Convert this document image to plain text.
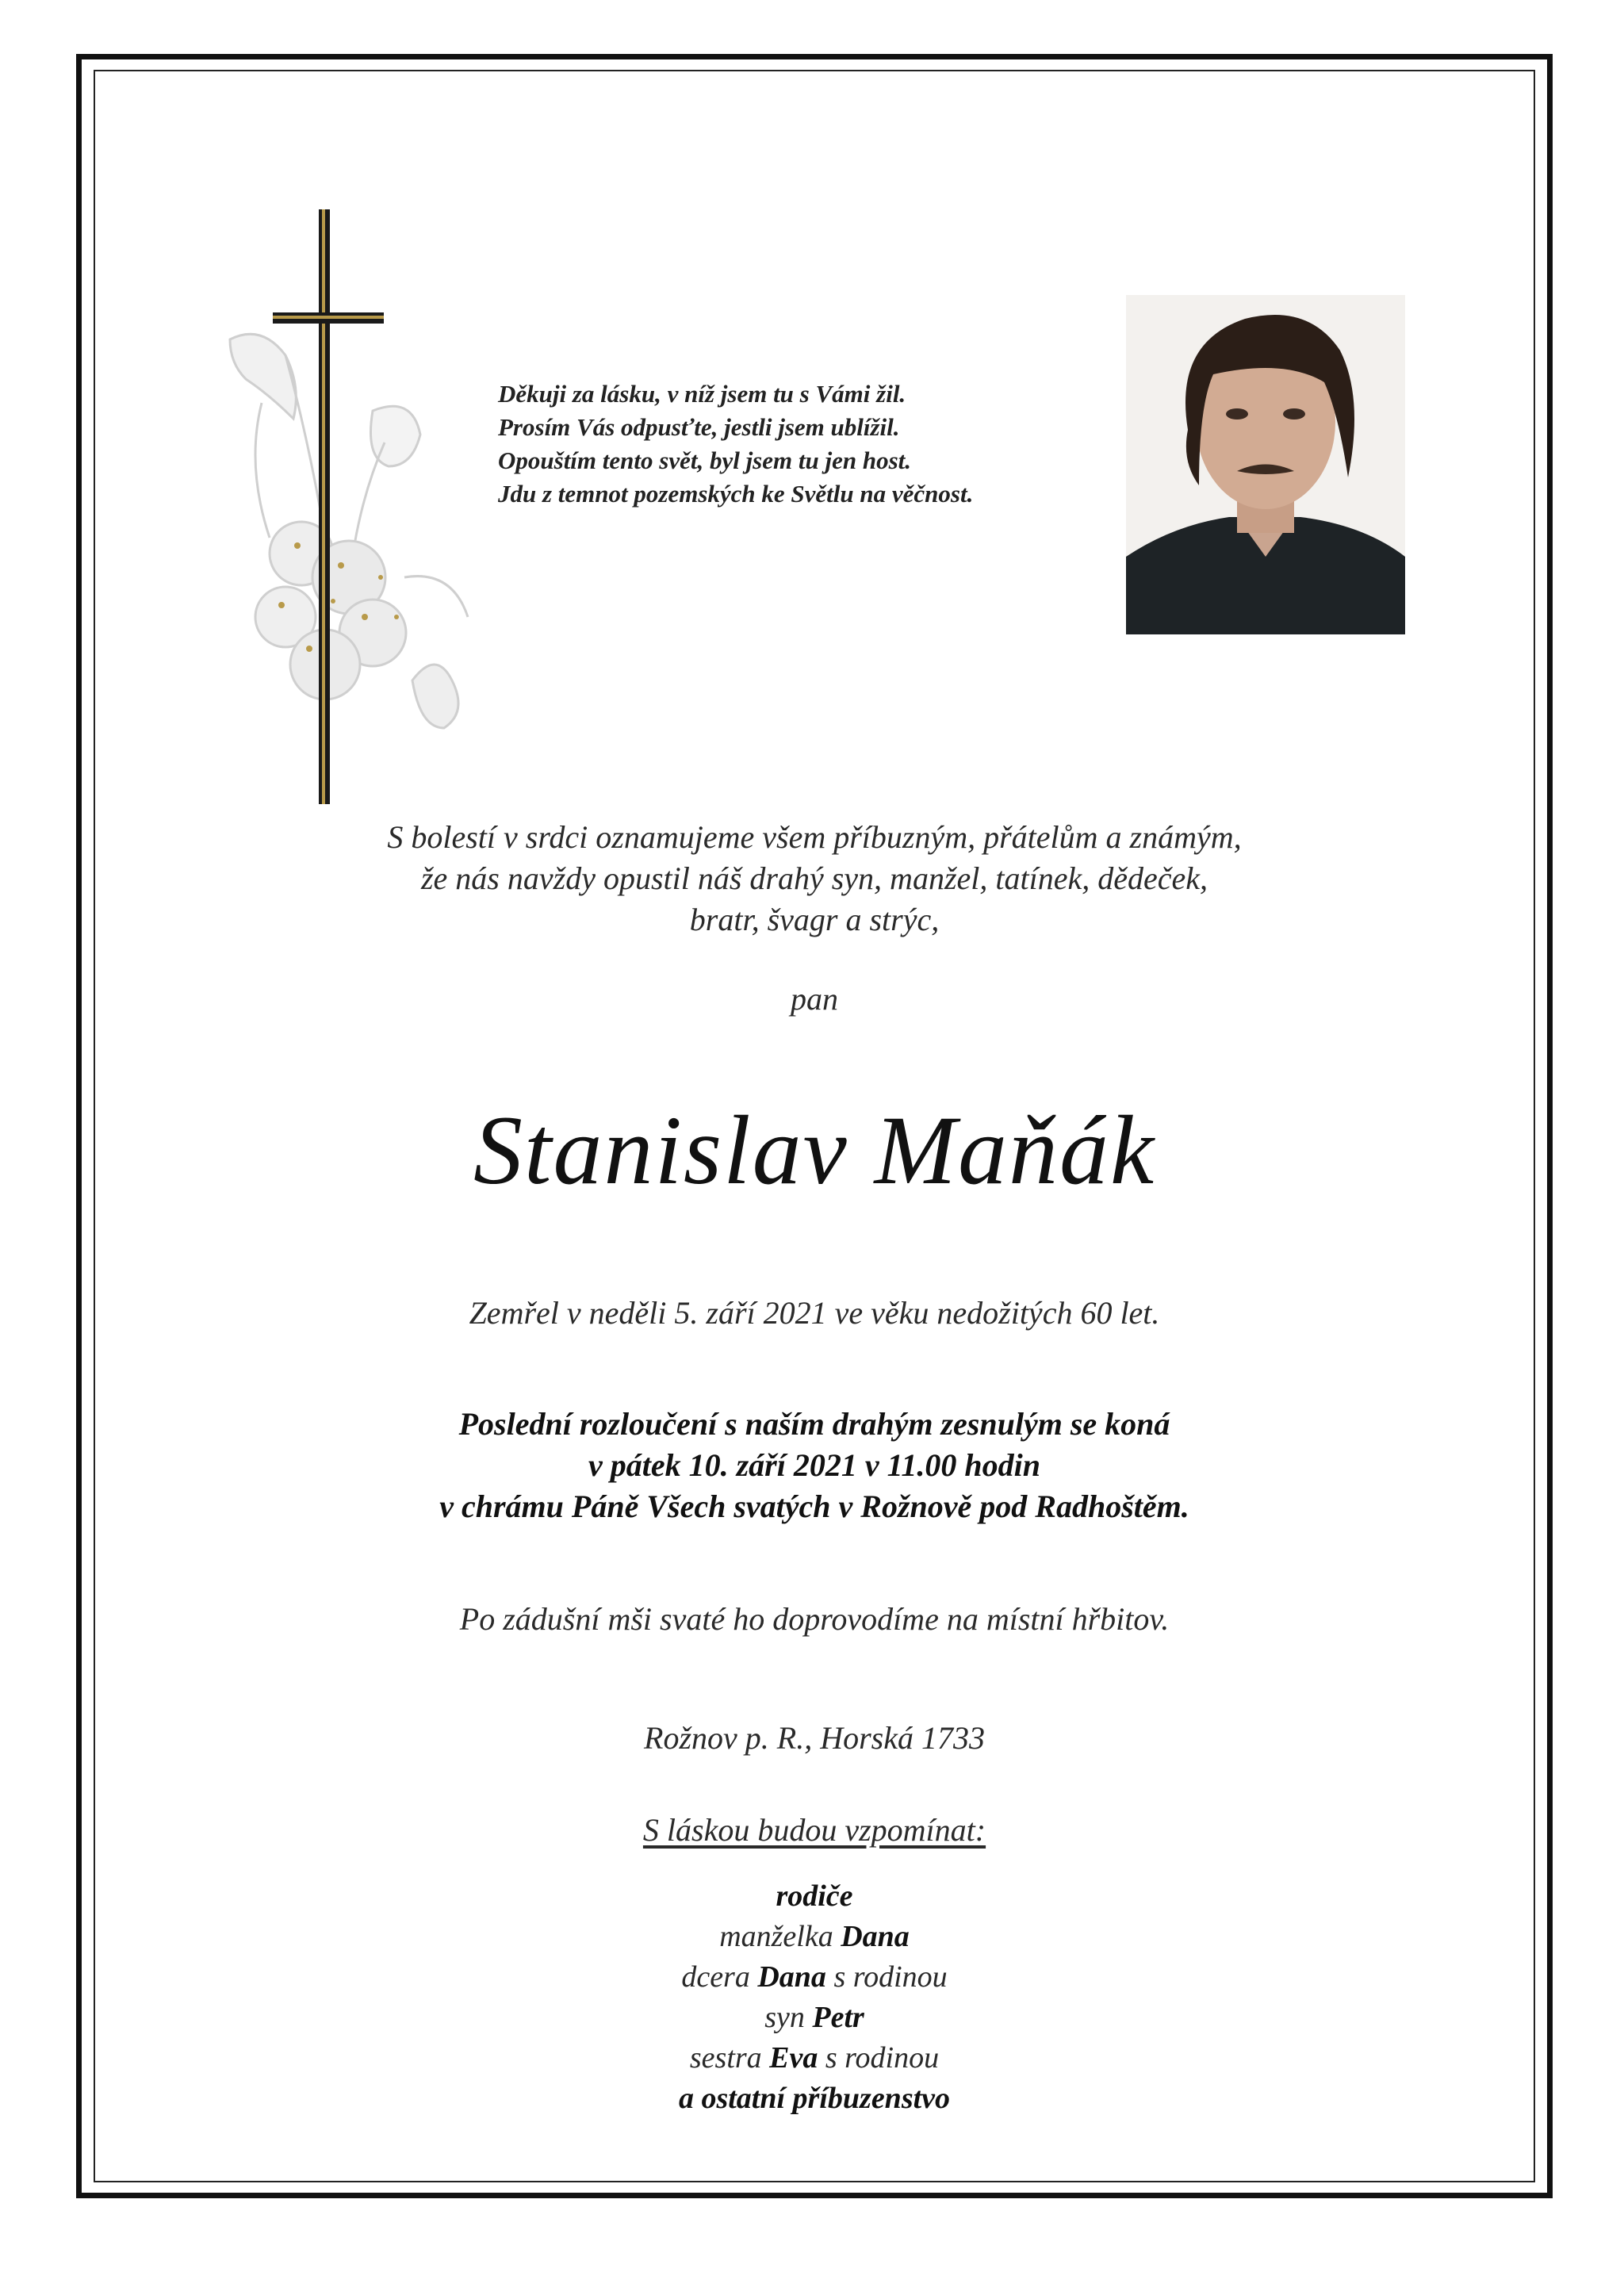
Děkuji za lásku, v níž jsem tu s Vámi žil.
Prosím Vás odpusťte, jestli jsem ublížil.
Opouštím tento svět, byl jsem tu jen host.
Jdu z temnot pozemských ke Světlu na věčnost.
S bolestí v srdci oznamujeme všem příbuzným, přátelům a známým,
že nás navždy opustil náš drahý syn, manžel, tatínek, dědeček,
bratr, švagr a strýc,
pan
Stanislav Maňák
Zemřel v neděli 5. září 2021 ve věku nedožitých 60 let.
Poslední rozloučení s naším drahým zesnulým se koná
v pátek 10. září 2021 v 11.00 hodin
v chrámu Páně Všech svatých v Rožnově pod Radhoštěm.
Po zádušní mši svaté ho doprovodíme na místní hřbitov.
Rožnov p. R., Horská 1733
S láskou budou vzpomínat:
rodiče
manželka Dana
dcera Dana s rodinou
syn Petr
sestra Eva s rodinou
a ostatní příbuzenstvo
